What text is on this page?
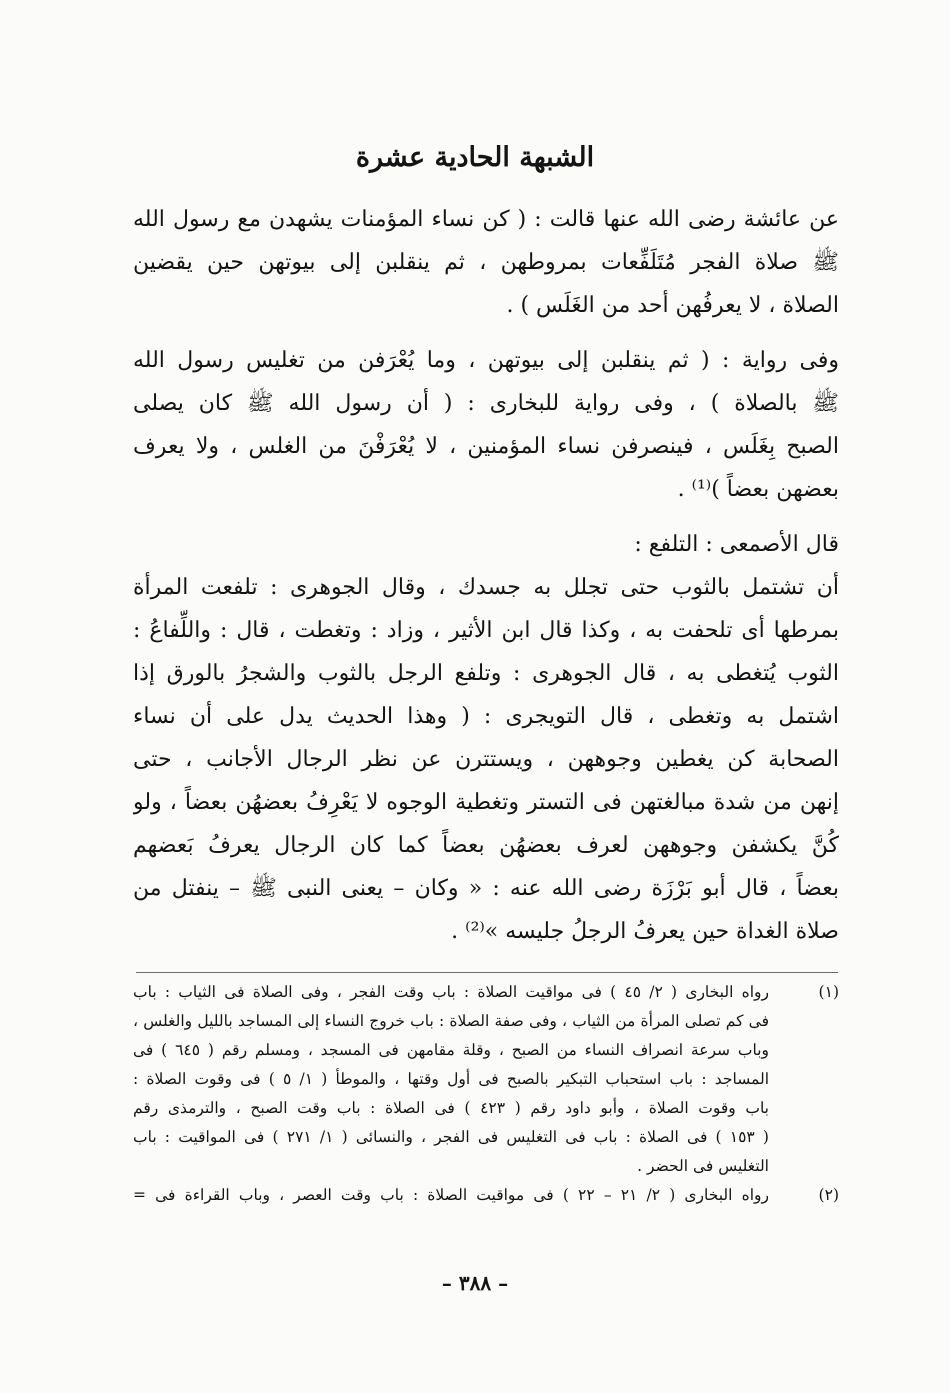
الشبهة الحادية عشرة
عن عائشة رضى الله عنها قالت : ( كن نساء المؤمنات يشهدن مع رسول الله
ﷺ صلاة الفجر مُتَلَفِّعات بمروطهن ، ثم ينقلبن إلى بيوتهن حين يقضين
الصلاة ، لا يعرفُهن أحد من الغَلَس ) .
وفى رواية : ( ثم ينقلبن إلى بيوتهن ، وما يُعْرَفن من تغليس رسول الله
ﷺ بالصلاة ) ، وفى رواية للبخارى : ( أن رسول الله ﷺ كان يصلى
الصبح بِغَلَس ، فينصرفن نساء المؤمنين ، لا يُعْرَفْنَ من الغلس ، ولا يعرف
بعضهن بعضاً )⁽¹⁾ .
قال الأصمعى : التلفع :
أن تشتمل بالثوب حتى تجلل به جسدك ، وقال الجوهرى : تلفعت المرأة
بمرطها أى تلحفت به ، وكذا قال ابن الأثير ، وزاد : وتغطت ، قال : واللِّفاعُ :
الثوب يُتغطى به ، قال الجوهرى : وتلفع الرجل بالثوب والشجرُ بالورق إذا
اشتمل به وتغطى ، قال التويجرى : ( وهذا الحديث يدل على أن نساء
الصحابة كن يغطين وجوههن ، ويستترن عن نظر الرجال الأجانب ، حتى
إنهن من شدة مبالغتهن فى التستر وتغطية الوجوه لا يَعْرِفُ بعضهُن بعضاً ، ولو
كُنَّ يكشفن وجوههن لعرف بعضهُن بعضاً كما كان الرجال يعرفُ بَعضهم
بعضاً ، قال أبو بَرْزَة رضى الله عنه : « وكان – يعنى النبى ﷺ – ينفتل من
صلاة الغداة حين يعرفُ الرجلُ جليسه »⁽²⁾ .
(١)
رواه البخارى ( ٢/ ٤٥ ) فى مواقيت الصلاة : باب وقت الفجر ، وفى الصلاة فى الثياب : باب
فى كم تصلى المرأة من الثياب ، وفى صفة الصلاة : باب خروج النساء إلى المساجد بالليل والغلس ،
وباب سرعة انصراف النساء من الصبح ، وقلة مقامهن فى المسجد ، ومسلم رقم ( ٦٤٥ ) فى
المساجد : باب استحباب التبكير بالصبح فى أول وقتها ، والموطأ ( ١/ ٥ ) فى وقوت الصلاة :
باب وقوت الصلاة ، وأبو داود رقم ( ٤٢٣ ) فى الصلاة : باب وقت الصبح ، والترمذى رقم
( ١٥٣ ) فى الصلاة : باب فى التغليس فى الفجر ، والنسائى ( ١/ ٢٧١ ) فى المواقيت : باب
التغليس فى الحضر .
(٢)
رواه البخارى ( ٢/ ٢١ – ٢٢ ) فى مواقيت الصلاة : باب وقت العصر ، وباب القراءة فى =
– ٣٨٨ –
